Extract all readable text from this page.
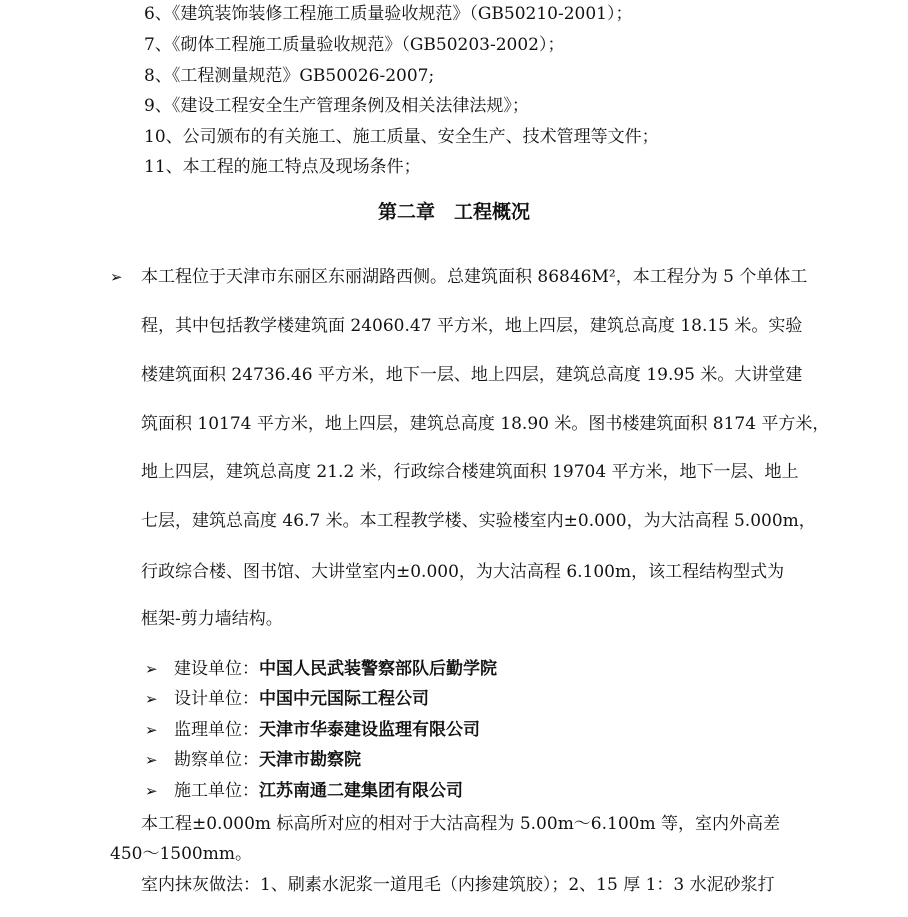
6、《建筑装饰装修工程施工质量验收规范》（GB50210-2001）；
7、《砌体工程施工质量验收规范》（GB50203-2002）；
8、《工程测量规范》GB50026-2007;
9、《建设工程安全生产管理条例及相关法律法规》；
10、公司颁布的有关施工、施工质量、安全生产、技术管理等文件；
11、本工程的施工特点及现场条件；
第二章　工程概况
➢ 本工程位于天津市东丽区东丽湖路西侧。总建筑面积 86846M²，本工程分为 5 个单体工
程，其中包括教学楼建筑面 24060.47 平方米，地上四层，建筑总高度 18.15 米。实验
楼建筑面积 24736.46 平方米，地下一层、地上四层，建筑总高度 19.95 米。大讲堂建
筑面积 10174 平方米，地上四层，建筑总高度 18.90 米。图书楼建筑面积 8174 平方米，
地上四层，建筑总高度 21.2 米，行政综合楼建筑面积 19704 平方米，地下一层、地上
七层，建筑总高度 46.7 米。本工程教学楼、实验楼室内±0.000，为大沽高程 5.000m，
行政综合楼、图书馆、大讲堂室内±0.000，为大沽高程 6.100m，该工程结构型式为
框架-剪力墙结构。
➢ 建设单位：中国人民武装警察部队后勤学院
➢ 设计单位：中国中元国际工程公司
➢ 监理单位：天津市华泰建设监理有限公司
➢ 勘察单位：天津市勘察院
➢ 施工单位：江苏南通二建集团有限公司
本工程±0.000m 标高所对应的相对于大沽高程为 5.00m～6.100m 等，室内外高差
450～1500mm。
室内抹灰做法：1、刷素水泥浆一道甩毛（内掺建筑胶）；2、15 厚 1：3 水泥砂浆打
